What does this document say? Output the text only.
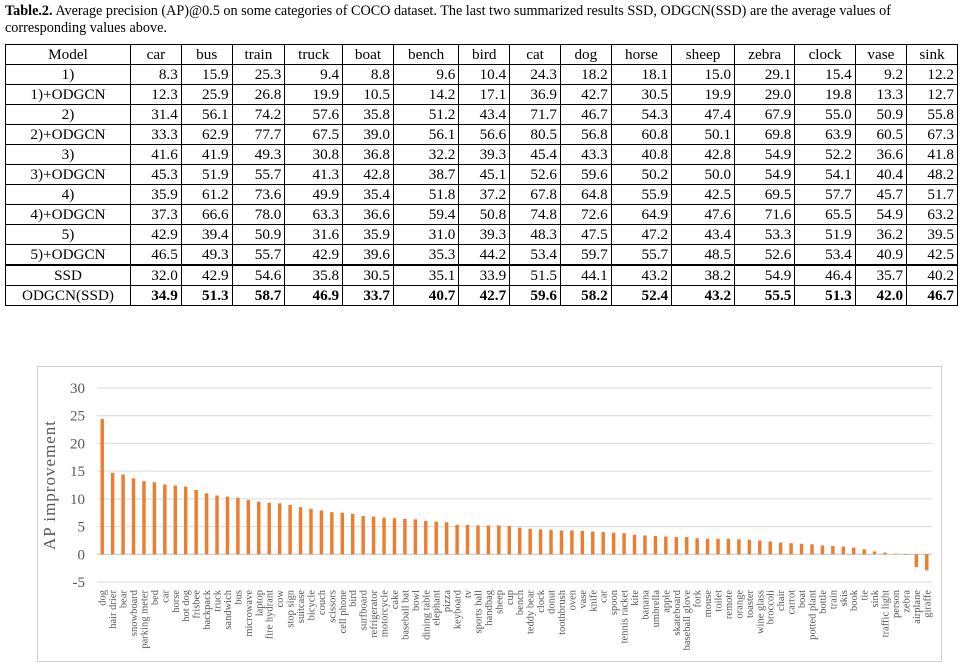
Table.2. Average precision (AP)@0.5 on some categories of COCO dataset. The last two summarized results SSD, ODGCN(SSD) are the average values of corresponding values above.
Model	car	bus	train	truck	boat	bench	bird	cat	dog	horse	sheep	zebra	clock	vase	sink
1)	8.3	15.9	25.3	9.4	8.8	9.6	10.4	24.3	18.2	18.1	15.0	29.1	15.4	9.2	12.2
1)+ODGCN	12.3	25.9	26.8	19.9	10.5	14.2	17.1	36.9	42.7	30.5	19.9	29.0	19.8	13.3	12.7
2)	31.4	56.1	74.2	57.6	35.8	51.2	43.4	71.7	46.7	54.3	47.4	67.9	55.0	50.9	55.8
2)+ODGCN	33.3	62.9	77.7	67.5	39.0	56.1	56.6	80.5	56.8	60.8	50.1	69.8	63.9	60.5	67.3
3)	41.6	41.9	49.3	30.8	36.8	32.2	39.3	45.4	43.3	40.8	42.8	54.9	52.2	36.6	41.8
3)+ODGCN	45.3	51.9	55.7	41.3	42.8	38.7	45.1	52.6	59.6	50.2	50.0	54.9	54.1	40.4	48.2
4)	35.9	61.2	73.6	49.9	35.4	51.8	37.2	67.8	64.8	55.9	42.5	69.5	57.7	45.7	51.7
4)+ODGCN	37.3	66.6	78.0	63.3	36.6	59.4	50.8	74.8	72.6	64.9	47.6	71.6	65.5	54.9	63.2
5)	42.9	39.4	50.9	31.6	35.9	31.0	39.3	48.3	47.5	47.2	43.4	53.3	51.9	36.2	39.5
5)+ODGCN	46.5	49.3	55.7	42.9	39.6	35.3	44.2	53.4	59.7	55.7	48.5	52.6	53.4	40.9	42.5
SSD	32.0	42.9	54.6	35.8	30.5	35.1	33.9	51.5	44.1	43.2	38.2	54.9	46.4	35.7	40.2
ODGCN(SSD)	34.9	51.3	58.7	46.9	33.7	40.7	42.7	59.6	58.2	52.4	43.2	55.5	51.3	42.0	46.7
-5
0
5
10
15
20
25
30
dog hair drier bear snowboard parking meter bed car horse hot dog frisbee backpack truck sandwich bus microwave laptop fire hydrant cow stop sign suitcase bicycle couch scissors cell phone bird surfboard refrigerator motorcycle cake baseball bat bowl dining table elephant pizza keyboard tv sports ball handbag sheep cup bench teddy bear clock donut toothbrush oven vase knife car spoon tennis racket kite banana umbrella apple skateboard baseball glove fork mouse toilet remote orange toaster wine glass broccoli chair carrot boat potted plant bottle train skis book tie sink traffic light person zebra airplane giraffe
AP improvement
